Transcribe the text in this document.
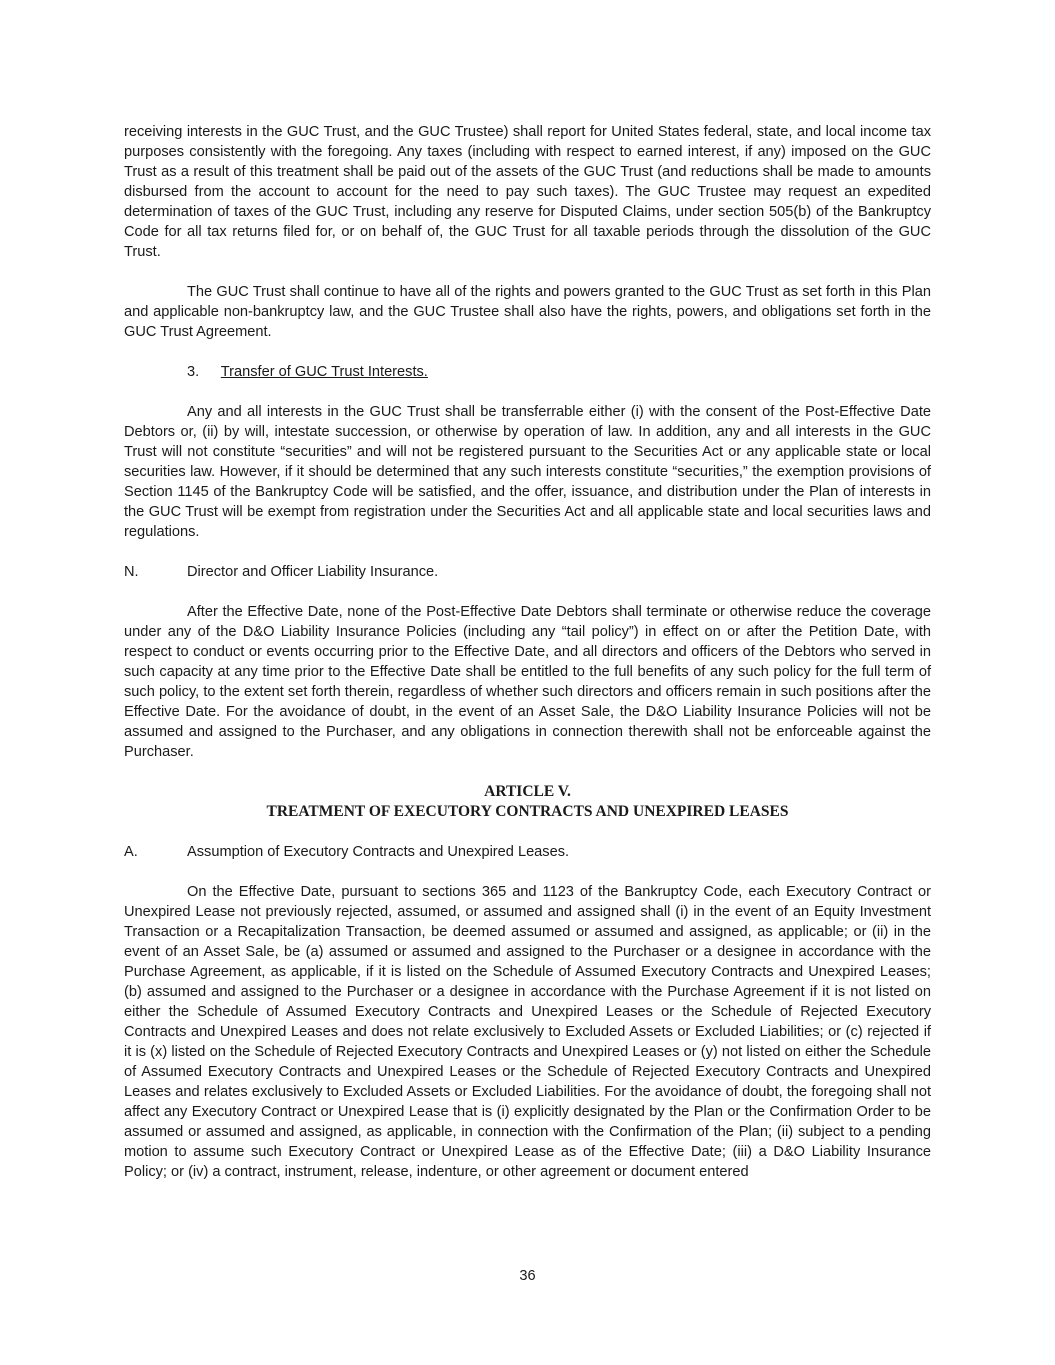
receiving interests in the GUC Trust, and the GUC Trustee) shall report for United States federal, state, and local income tax purposes consistently with the foregoing. Any taxes (including with respect to earned interest, if any) imposed on the GUC Trust as a result of this treatment shall be paid out of the assets of the GUC Trust (and reductions shall be made to amounts disbursed from the account to account for the need to pay such taxes). The GUC Trustee may request an expedited determination of taxes of the GUC Trust, including any reserve for Disputed Claims, under section 505(b) of the Bankruptcy Code for all tax returns filed for, or on behalf of, the GUC Trust for all taxable periods through the dissolution of the GUC Trust.

The GUC Trust shall continue to have all of the rights and powers granted to the GUC Trust as set forth in this Plan and applicable non-bankruptcy law, and the GUC Trustee shall also have the rights, powers, and obligations set forth in the GUC Trust Agreement.

3. Transfer of GUC Trust Interests.

Any and all interests in the GUC Trust shall be transferrable either (i) with the consent of the Post-Effective Date Debtors or, (ii) by will, intestate succession, or otherwise by operation of law. In addition, any and all interests in the GUC Trust will not constitute “securities” and will not be registered pursuant to the Securities Act or any applicable state or local securities law. However, if it should be determined that any such interests constitute “securities,” the exemption provisions of Section 1145 of the Bankruptcy Code will be satisfied, and the offer, issuance, and distribution under the Plan of interests in the GUC Trust will be exempt from registration under the Securities Act and all applicable state and local securities laws and regulations.

N.	Director and Officer Liability Insurance.

After the Effective Date, none of the Post-Effective Date Debtors shall terminate or otherwise reduce the coverage under any of the D&O Liability Insurance Policies (including any “tail policy”) in effect on or after the Petition Date, with respect to conduct or events occurring prior to the Effective Date, and all directors and officers of the Debtors who served in such capacity at any time prior to the Effective Date shall be entitled to the full benefits of any such policy for the full term of such policy, to the extent set forth therein, regardless of whether such directors and officers remain in such positions after the Effective Date. For the avoidance of doubt, in the event of an Asset Sale, the D&O Liability Insurance Policies will not be assumed and assigned to the Purchaser, and any obligations in connection therewith shall not be enforceable against the Purchaser.

ARTICLE V.
TREATMENT OF EXECUTORY CONTRACTS AND UNEXPIRED LEASES
A.	Assumption of Executory Contracts and Unexpired Leases.

On the Effective Date, pursuant to sections 365 and 1123 of the Bankruptcy Code, each Executory Contract or Unexpired Lease not previously rejected, assumed, or assumed and assigned shall (i) in the event of an Equity Investment Transaction or a Recapitalization Transaction, be deemed assumed or assumed and assigned, as applicable; or (ii) in the event of an Asset Sale, be (a) assumed or assumed and assigned to the Purchaser or a designee in accordance with the Purchase Agreement, as applicable, if it is listed on the Schedule of Assumed Executory Contracts and Unexpired Leases; (b) assumed and assigned to the Purchaser or a designee in accordance with the Purchase Agreement if it is not listed on either the Schedule of Assumed Executory Contracts and Unexpired Leases or the Schedule of Rejected Executory Contracts and Unexpired Leases and does not relate exclusively to Excluded Assets or Excluded Liabilities; or (c) rejected if it is (x) listed on the Schedule of Rejected Executory Contracts and Unexpired Leases or (y) not listed on either the Schedule of Assumed Executory Contracts and Unexpired Leases or the Schedule of Rejected Executory Contracts and Unexpired Leases and relates exclusively to Excluded Assets or Excluded Liabilities. For the avoidance of doubt, the foregoing shall not affect any Executory Contract or Unexpired Lease that is (i) explicitly designated by the Plan or the Confirmation Order to be assumed or assumed and assigned, as applicable, in connection with the Confirmation of the Plan; (ii) subject to a pending motion to assume such Executory Contract or Unexpired Lease as of the Effective Date; (iii) a D&O Liability Insurance Policy; or (iv) a contract, instrument, release, indenture, or other agreement or document entered

36
